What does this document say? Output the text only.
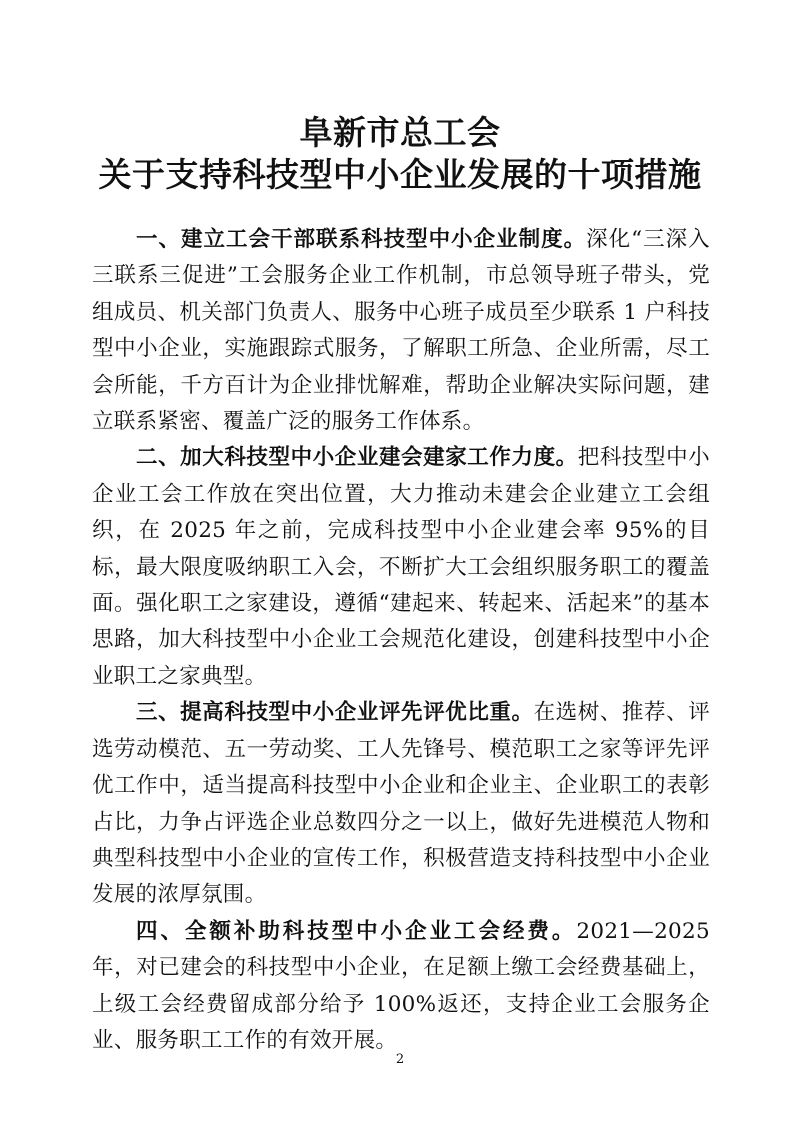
阜新市总工会
关于支持科技型中小企业发展的十项措施

一、建立工会干部联系科技型中小企业制度。深化“三深入三联系三促进”工会服务企业工作机制，市总领导班子带头，党组成员、机关部门负责人、服务中心班子成员至少联系 1 户科技型中小企业，实施跟踪式服务，了解职工所急、企业所需，尽工会所能，千方百计为企业排忧解难，帮助企业解决实际问题，建立联系紧密、覆盖广泛的服务工作体系。

二、加大科技型中小企业建会建家工作力度。把科技型中小企业工会工作放在突出位置，大力推动未建会企业建立工会组织，在 2025 年之前，完成科技型中小企业建会率 95%的目标，最大限度吸纳职工入会，不断扩大工会组织服务职工的覆盖面。强化职工之家建设，遵循“建起来、转起来、活起来”的基本思路，加大科技型中小企业工会规范化建设，创建科技型中小企业职工之家典型。

三、提高科技型中小企业评先评优比重。在选树、推荐、评选劳动模范、五一劳动奖、工人先锋号、模范职工之家等评先评优工作中，适当提高科技型中小企业和企业主、企业职工的表彰占比，力争占评选企业总数四分之一以上，做好先进模范人物和典型科技型中小企业的宣传工作，积极营造支持科技型中小企业发展的浓厚氛围。

四、全额补助科技型中小企业工会经费。2021—2025 年，对已建会的科技型中小企业，在足额上缴工会经费基础上，上级工会经费留成部分给予 100%返还，支持企业工会服务企业、服务职工工作的有效开展。

2
